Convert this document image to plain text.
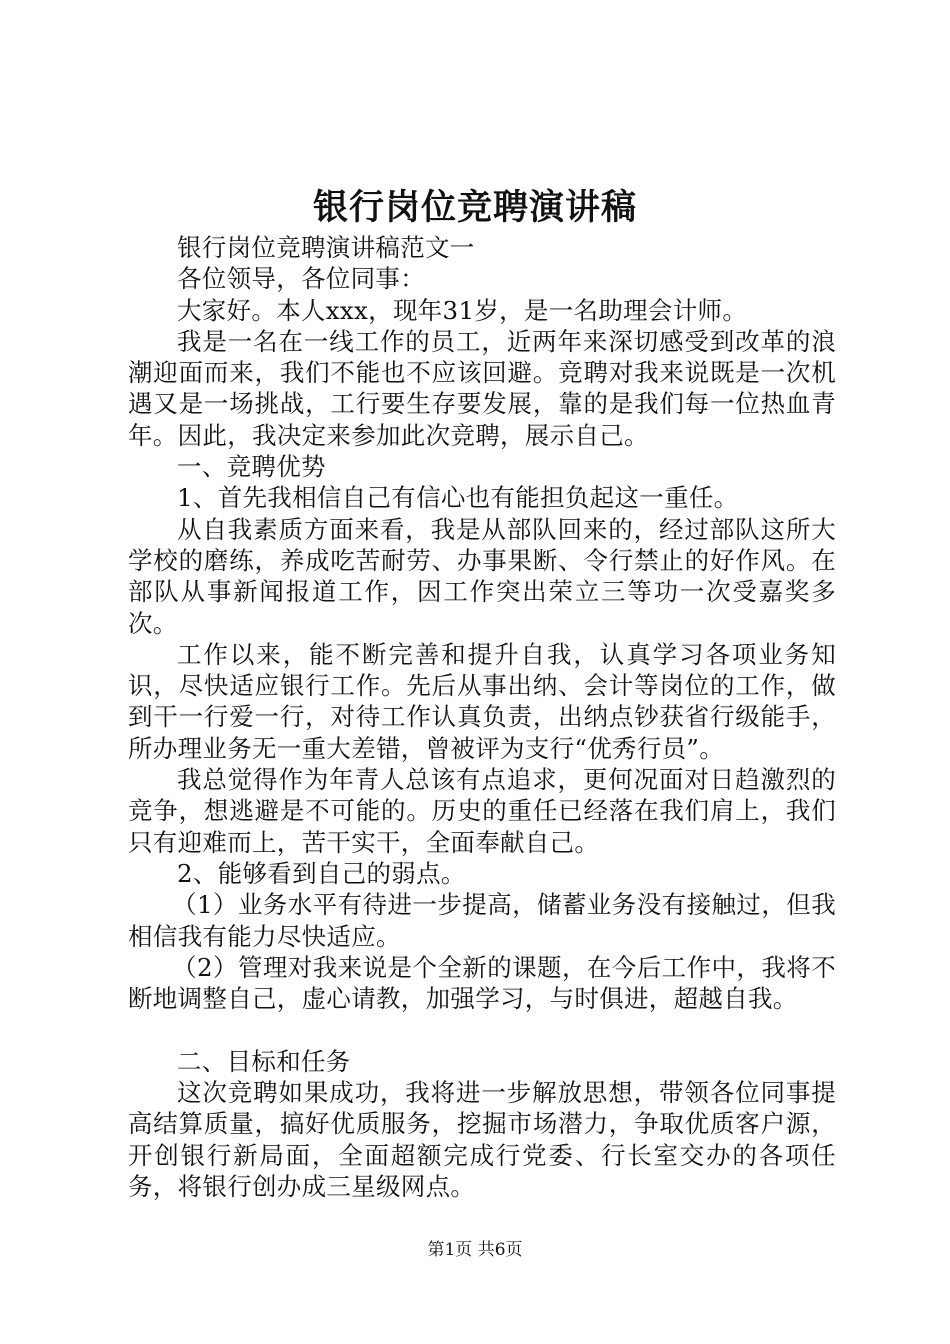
银行岗位竞聘演讲稿

银行岗位竞聘演讲稿范文一

各位领导，各位同事：

大家好。本人xxx，现年31岁，是一名助理会计师。

我是一名在一线工作的员工，近两年来深切感受到改革的浪潮迎面而来，我们不能也不应该回避。竞聘对我来说既是一次机遇又是一场挑战，工行要生存要发展，靠的是我们每一位热血青年。因此，我决定来参加此次竞聘，展示自己。

一、竞聘优势

1、首先我相信自己有信心也有能担负起这一重任。

从自我素质方面来看，我是从部队回来的，经过部队这所大学校的磨练，养成吃苦耐劳、办事果断、令行禁止的好作风。在部队从事新闻报道工作，因工作突出荣立三等功一次受嘉奖多次。

工作以来，能不断完善和提升自我，认真学习各项业务知识，尽快适应银行工作。先后从事出纳、会计等岗位的工作，做到干一行爱一行，对待工作认真负责，出纳点钞获省行级能手，所办理业务无一重大差错，曾被评为支行“优秀行员”。

我总觉得作为年青人总该有点追求，更何况面对日趋激烈的竞争，想逃避是不可能的。历史的重任已经落在我们肩上，我们只有迎难而上，苦干实干，全面奉献自己。

2、能够看到自己的弱点。

（1）业务水平有待进一步提高，储蓄业务没有接触过，但我相信我有能力尽快适应。

（2）管理对我来说是个全新的课题，在今后工作中，我将不断地调整自己，虚心请教，加强学习，与时俱进，超越自我。

二、目标和任务

这次竞聘如果成功，我将进一步解放思想，带领各位同事提高结算质量，搞好优质服务，挖掘市场潜力，争取优质客户源，开创银行新局面，全面超额完成行党委、行长室交办的各项任务，将银行创办成三星级网点。

第1页 共6页
